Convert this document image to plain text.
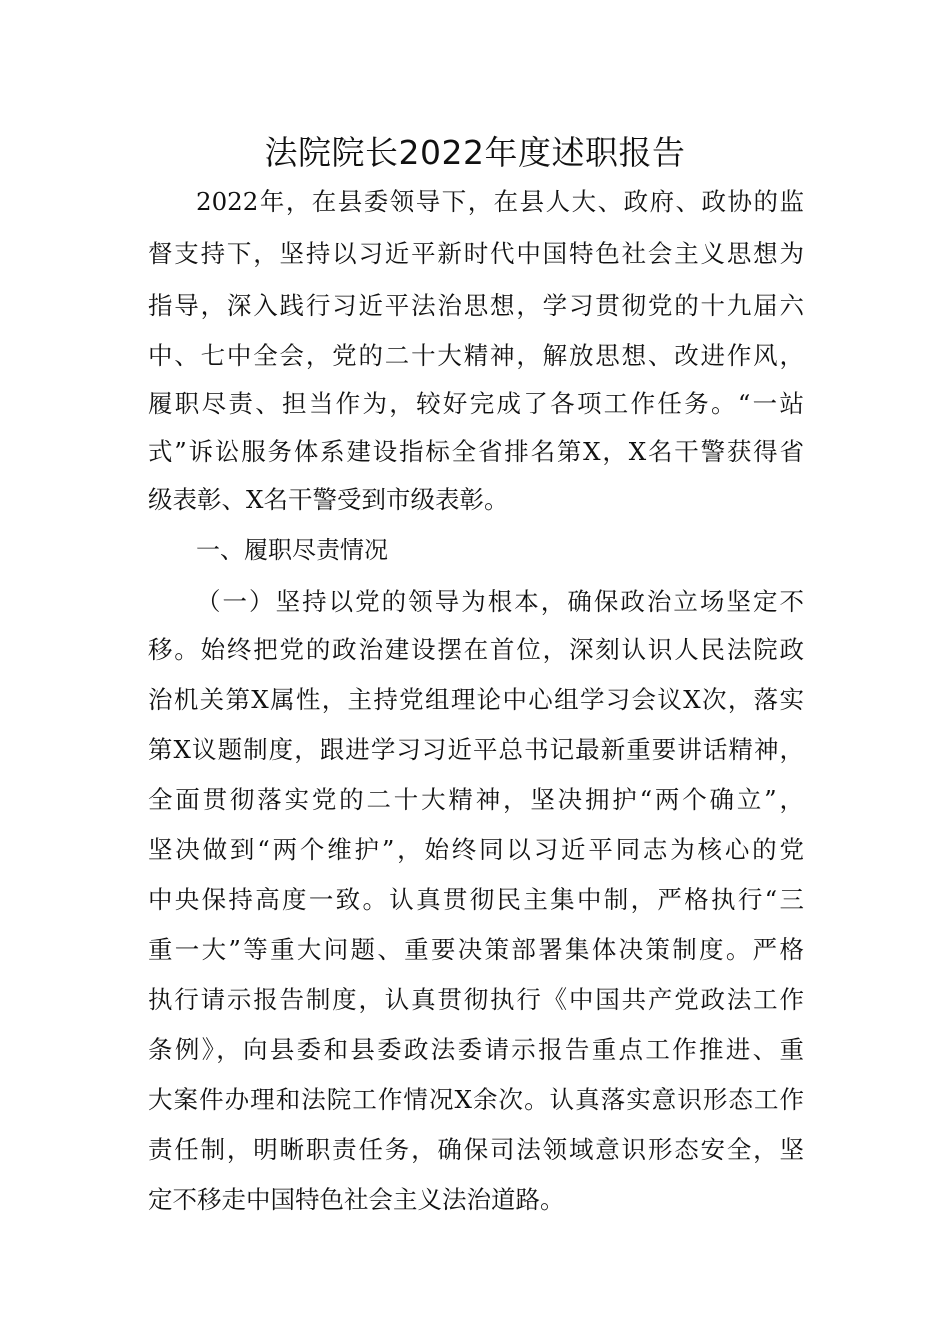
法院院长2022年度述职报告
2022年，在县委领导下，在县人大、政府、政协的监
督支持下，坚持以习近平新时代中国特色社会主义思想为
指导，深入践行习近平法治思想，学习贯彻党的十九届六
中、七中全会，党的二十大精神，解放思想、改进作风，
履职尽责、担当作为，较好完成了各项工作任务。“一站
式”诉讼服务体系建设指标全省排名第X，X名干警获得省
级表彰、X名干警受到市级表彰。
一、履职尽责情况
（一）坚持以党的领导为根本，确保政治立场坚定不
移。始终把党的政治建设摆在首位，深刻认识人民法院政
治机关第X属性，主持党组理论中心组学习会议X次，落实
第X议题制度，跟进学习习近平总书记最新重要讲话精神，
全面贯彻落实党的二十大精神，坚决拥护“两个确立”，
坚决做到“两个维护”，始终同以习近平同志为核心的党
中央保持高度一致。认真贯彻民主集中制，严格执行“三
重一大”等重大问题、重要决策部署集体决策制度。严格
执行请示报告制度，认真贯彻执行《中国共产党政法工作
条例》，向县委和县委政法委请示报告重点工作推进、重
大案件办理和法院工作情况X余次。认真落实意识形态工作
责任制，明晰职责任务，确保司法领域意识形态安全，坚
定不移走中国特色社会主义法治道路。
